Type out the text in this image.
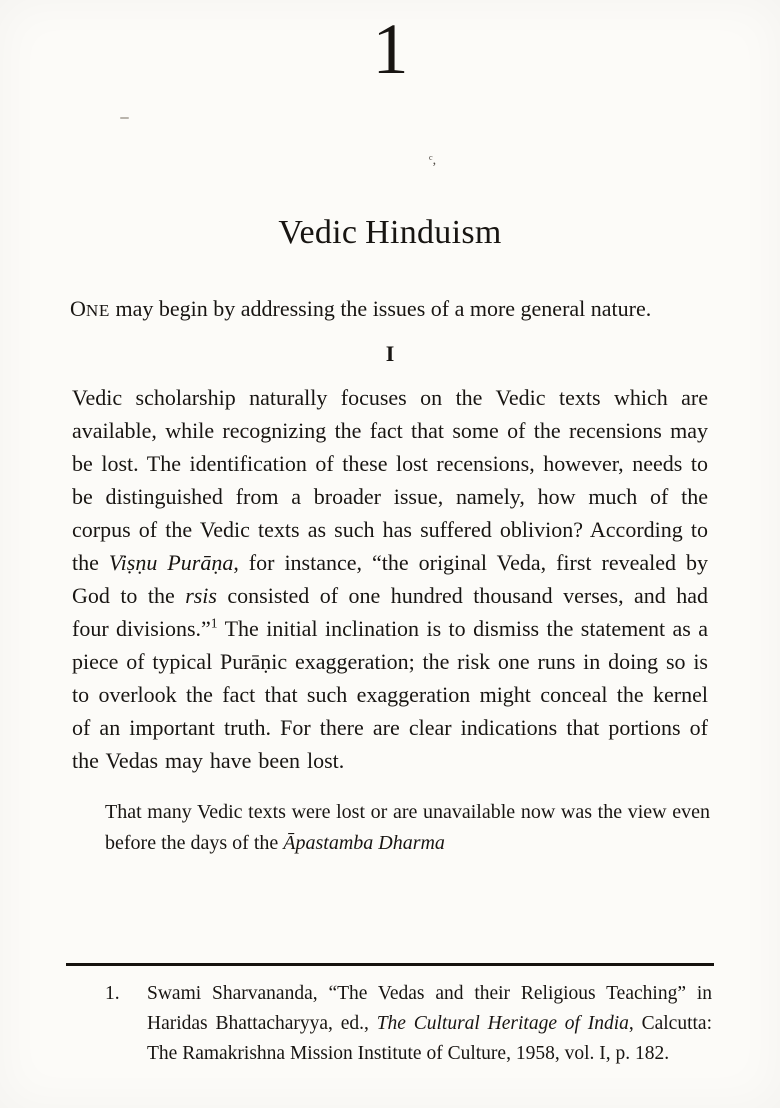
1
ᶜ,
Vedic Hinduism

ONE may begin by addressing the issues of a more general nature.

I

Vedic scholarship naturally focuses on the Vedic texts which are available, while recognizing the fact that some of the recensions may be lost. The identification of these lost recensions, however, needs to be distinguished from a broader issue, namely, how much of the corpus of the Vedic texts as such has suffered oblivion? According to the Viṣṇu Purāṇa, for instance, “the original Veda, first revealed by God to the rsis consisted of one hundred thousand verses, and had four divisions.”$^1$ The initial inclination is to dismiss the statement as a piece of typical Purāṇic exaggeration; the risk one runs in doing so is to overlook the fact that such exaggeration might conceal the kernel of an important truth. For there are clear indications that portions of the Vedas may have been lost.

That many Vedic texts were lost or are unavailable now was the view even before the days of the Āpastamba Dharma
1. Swami Sharvananda, “The Vedas and their Religious Teaching” in Haridas Bhattacharyya, ed., The Cultural Heritage of India, Calcutta: The Ramakrishna Mission Institute of Culture, 1958, vol. I, p. 182.
